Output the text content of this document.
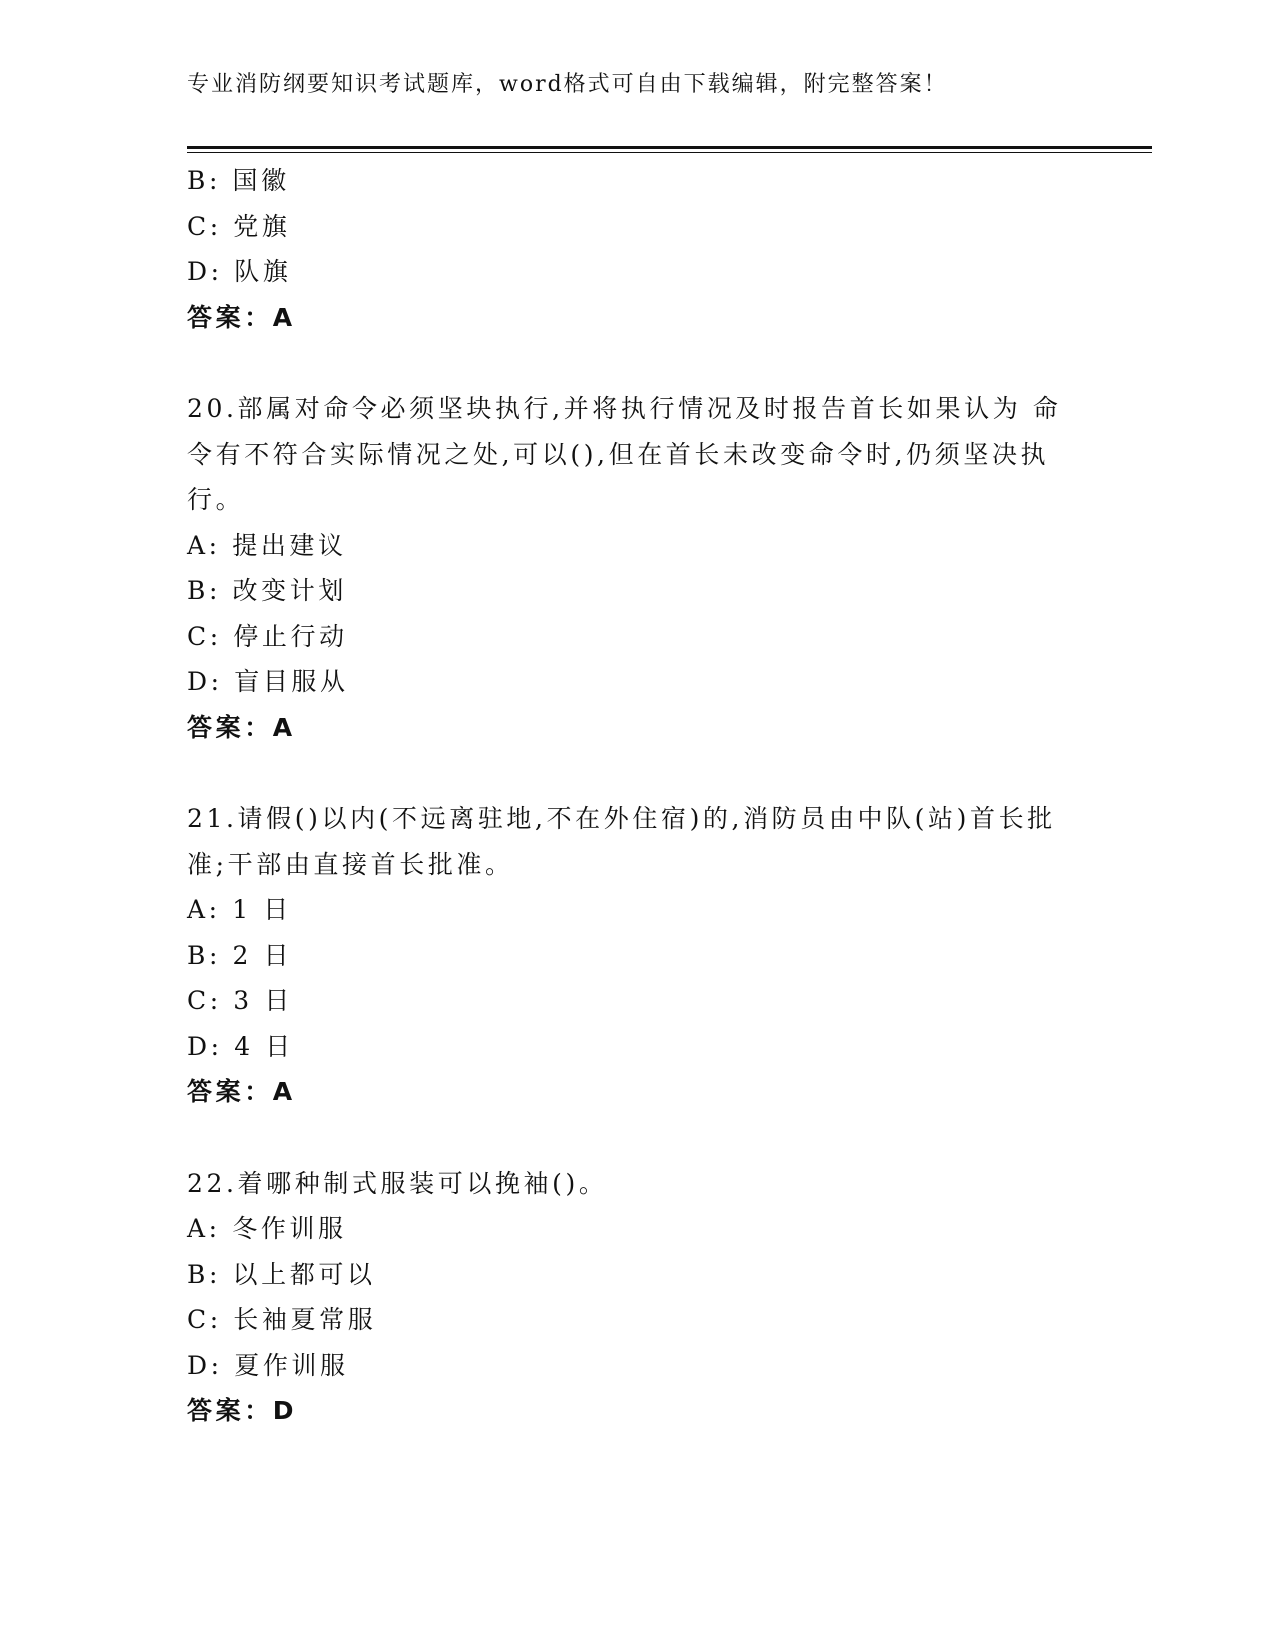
专业消防纲要知识考试题库，word格式可自由下载编辑，附完整答案！
B: 国徽
C: 党旗
D: 队旗
答案：A
20.部属对命令必须坚块执行,并将执行情况及时报告首长如果认为 命
令有不符合实际情况之处,可以(),但在首长未改变命令时,仍须坚决执
行。
A: 提出建议
B: 改变计划
C: 停止行动
D: 盲目服从
答案：A
21.请假()以内(不远离驻地,不在外住宿)的,消防员由中队(站)首长批
准;干部由直接首长批准。
A: 1 日
B: 2 日
C: 3 日
D: 4 日
答案：A
22.着哪种制式服装可以挽袖()。
A: 冬作训服
B: 以上都可以
C: 长袖夏常服
D: 夏作训服
答案：D
